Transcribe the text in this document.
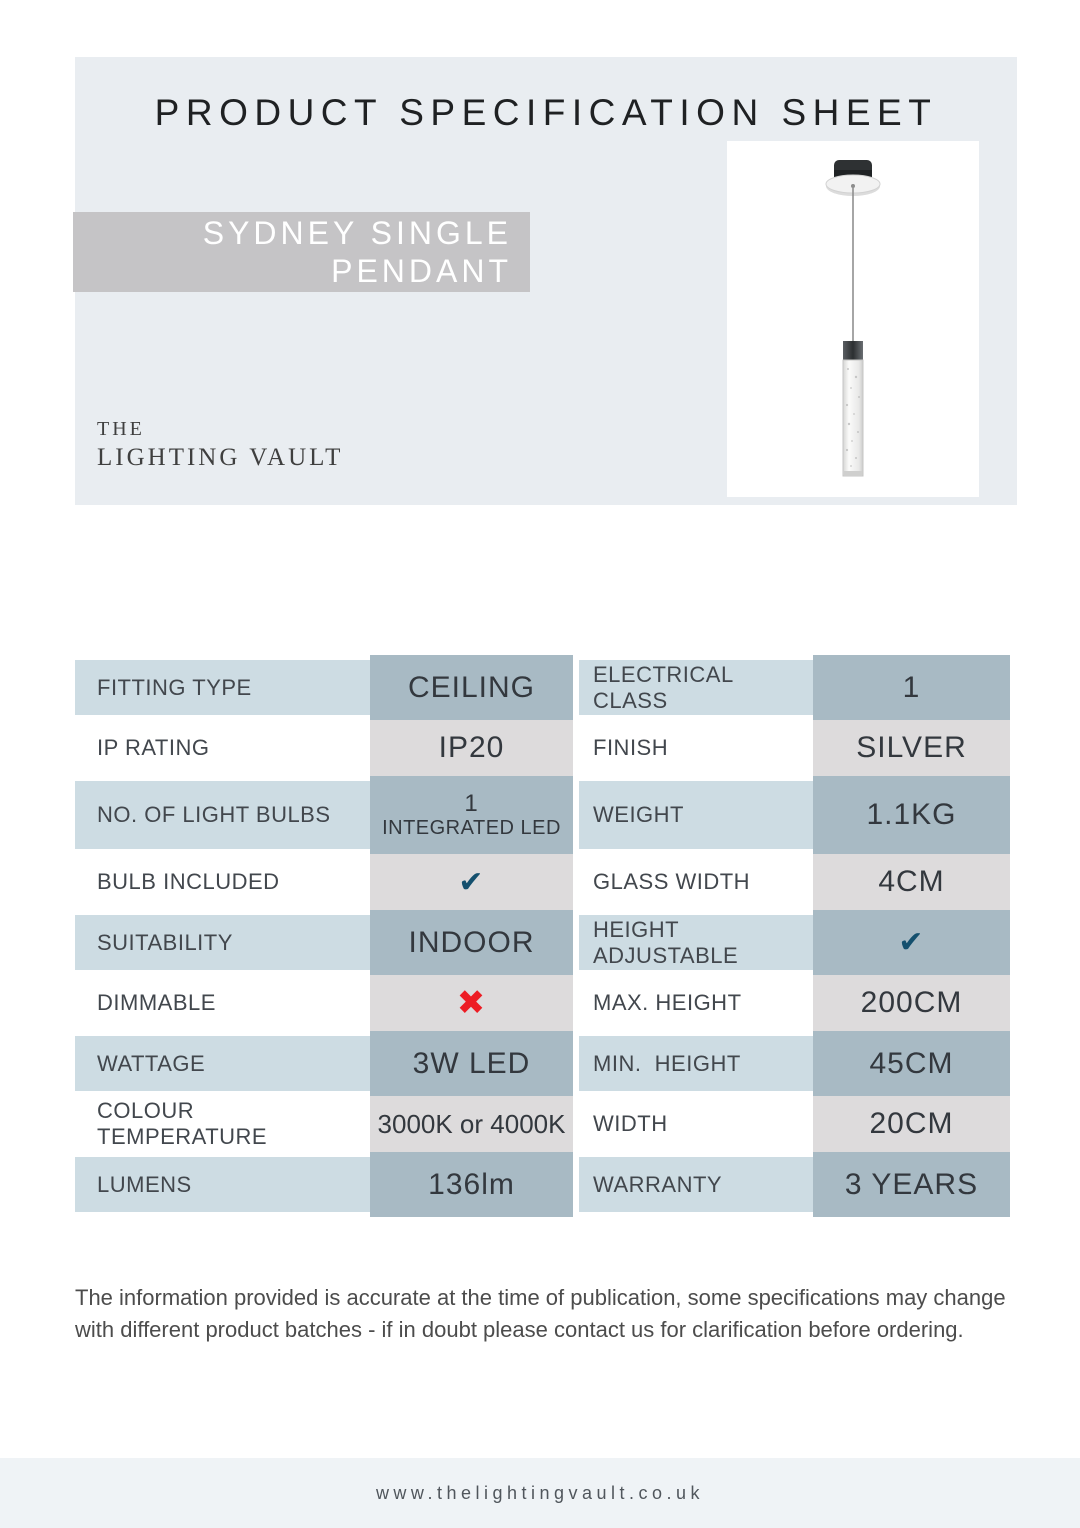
PRODUCT SPECIFICATION SHEET
SYDNEY SINGLE
PENDANT
THE
LIGHTING VAULT
FITTING TYPE	CEILING
IP RATING	IP20
NO. OF LIGHT BULBS	1
INTEGRATED LED
BULB INCLUDED	✔
SUITABILITY	INDOOR
DIMMABLE	✖
WATTAGE	3W LED
COLOUR TEMPERATURE	3000K or 4000K
LUMENS	136lm
ELECTRICAL CLASS	1
FINISH	SILVER
WEIGHT	1.1KG
GLASS WIDTH	4CM
HEIGHT ADJUSTABLE	✔
MAX. HEIGHT	200CM
MIN.  HEIGHT	45CM
WIDTH	20CM
WARRANTY	3 YEARS

The information provided is accurate at the time of publication, some specifications may change
with different product batches - if in doubt please contact us for clarification before ordering.

www.thelightingvault.co.uk
